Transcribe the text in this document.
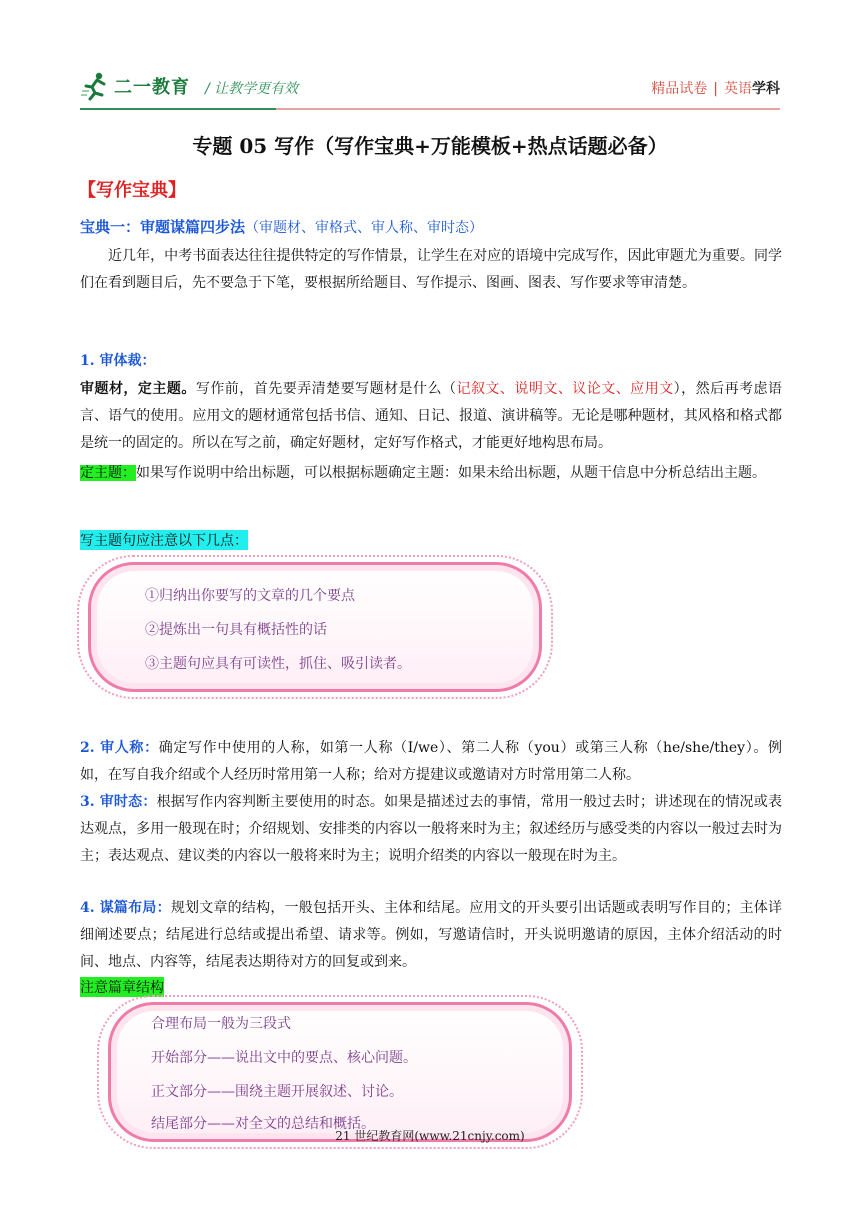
二一教育 / 让教学更有效	精品试卷 | 英语学科
专题 05 写作（写作宝典+万能模板+热点话题必备）
【写作宝典】
宝典一：审题谋篇四步法（审题材、审格式、审人称、审时态）
近几年，中考书面表达往往提供特定的写作情景，让学生在对应的语境中完成写作，因此审题尤为重要。同学们在看到题目后，先不要急于下笔，要根据所给题目、写作提示、图画、图表、写作要求等审清楚。
1. 审体裁：
审题材，定主题。写作前，首先要弄清楚要写题材是什么（记叙文、说明文、议论文、应用文），然后再考虑语言、语气的使用。应用文的题材通常包括书信、通知、日记、报道、演讲稿等。无论是哪种题材，其风格和格式都是统一的固定的。所以在写之前，确定好题材，定好写作格式，才能更好地构思布局。
定主题：如果写作说明中给出标题，可以根据标题确定主题：如果未给出标题，从题干信息中分析总结出主题。
写主题句应注意以下几点：
①归纳出你要写的文章的几个要点
②提炼出一句具有概括性的话
③主题句应具有可读性，抓住、吸引读者。
2. 审人称：确定写作中使用的人称，如第一人称（I/we）、第二人称（you）或第三人称（he/she/they）。例如，在写自我介绍或个人经历时常用第一人称；给对方提建议或邀请对方时常用第二人称。
3. 审时态：根据写作内容判断主要使用的时态。如果是描述过去的事情，常用一般过去时；讲述现在的情况或表达观点，多用一般现在时；介绍规划、安排类的内容以一般将来时为主；叙述经历与感受类的内容以一般过去时为主；表达观点、建议类的内容以一般将来时为主；说明介绍类的内容以一般现在时为主。
4. 谋篇布局：规划文章的结构，一般包括开头、主体和结尾。应用文的开头要引出话题或表明写作目的；主体详细阐述要点；结尾进行总结或提出希望、请求等。例如，写邀请信时，开头说明邀请的原因，主体介绍活动的时间、地点、内容等，结尾表达期待对方的回复或到来。
注意篇章结构
合理布局一般为三段式
开始部分——说出文中的要点、核心问题。
正文部分——围绕主题开展叙述、讨论。
结尾部分——对全文的总结和概括。
21 世纪教育网(www.21cnjy.com)
